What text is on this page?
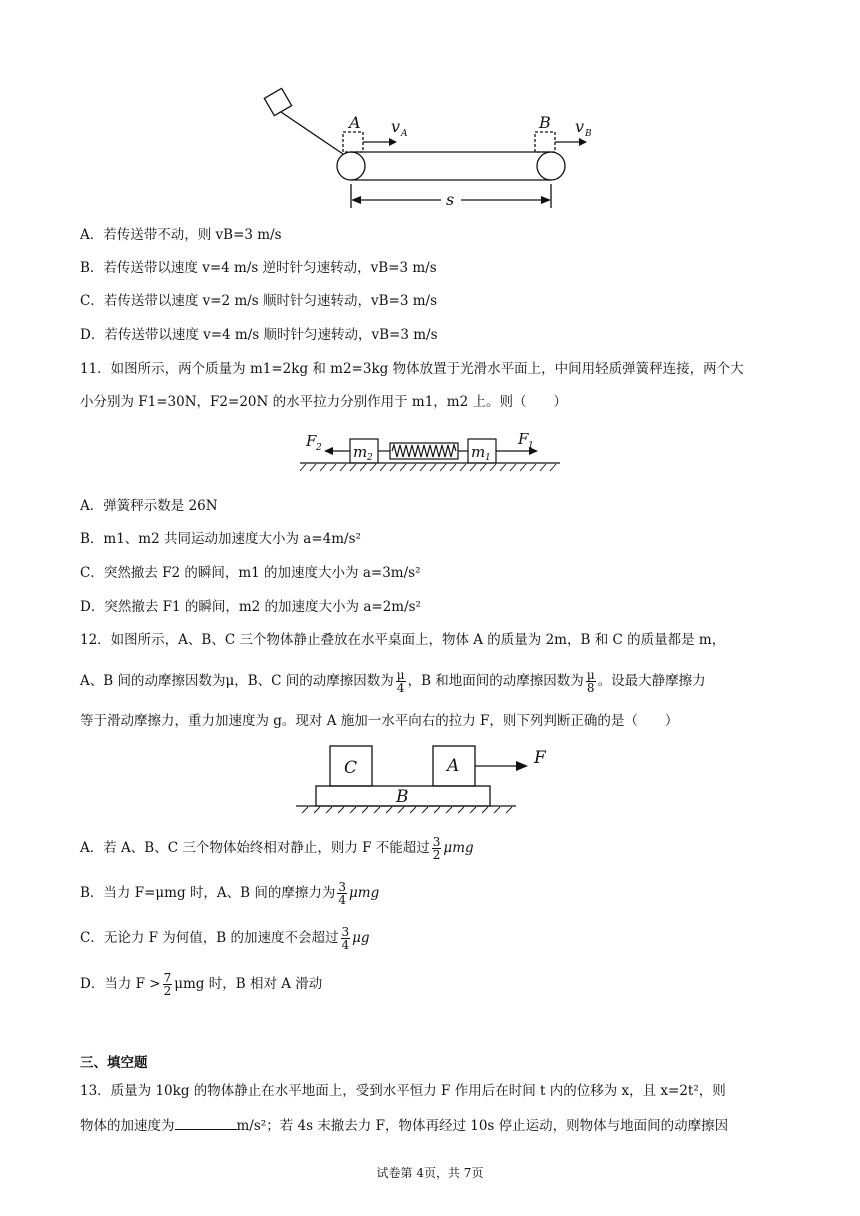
A	B
v A	v B
s
A．若传送带不动，则 vB=3 m/s
B．若传送带以速度 v=4 m/s 逆时针匀速转动，vB=3 m/s
C．若传送带以速度 v=2 m/s 顺时针匀速转动，vB=3 m/s
D．若传送带以速度 v=4 m/s 顺时针匀速转动，vB=3 m/s
11．如图所示，两个质量为 m1=2kg 和 m2=3kg 物体放置于光滑水平面上，中间用轻质弹簧秤连接，两个大
小分别为 F1=30N，F2=20N 的水平拉力分别作用于 m1，m2 上。则（　　）
F 2 m 2	m 1
F 1
A．弹簧秤示数是 26N
B．m1、m2 共同运动加速度大小为 a=4m/s²
C．突然撤去 F2 的瞬间，m1 的加速度大小为 a=3m/s²
D．突然撤去 F1 的瞬间，m2 的加速度大小为 a=2m/s²
12．如图所示，A、B、C 三个物体静止叠放在水平桌面上，物体 A 的质量为 2m，B 和 C 的质量都是 m，
A、B 间的动摩擦因数为μ，B、C 间的动摩擦因数为 $\frac{\mu}{4}$ ，B 和地面间的动摩擦因数为 $\frac{\mu}{8}$ 。设最大静摩擦力
等于滑动摩擦力，重力加速度为 g。现对 A 施加一水平向右的拉力 F，则下列判断正确的是（　　）
C	A
B
F
A．若 A、B、C 三个物体始终相对静止，则力 F 不能超过 $\frac{3}{2}$ μmg
B．当力 F=μmg 时，A、B 间的摩擦力为 $\frac{3}{4}$ μmg
C．无论力 F 为何值，B 的加速度不会超过 $\frac{3}{4}$ μg
D．当力 $F > \frac{7}{2}$ μmg 时，B 相对 A 滑动
三、填空题
13．质量为 10kg 的物体静止在水平地面上，受到水平恒力 F 作用后在时间 t 内的位移为 x，且 x=2t²，则
物体的加速度为	m/s²；若 4s 末撤去力 F，物体再经过 10s 停止运动，则物体与地面间的动摩擦因
试卷第 4页，共 7页
